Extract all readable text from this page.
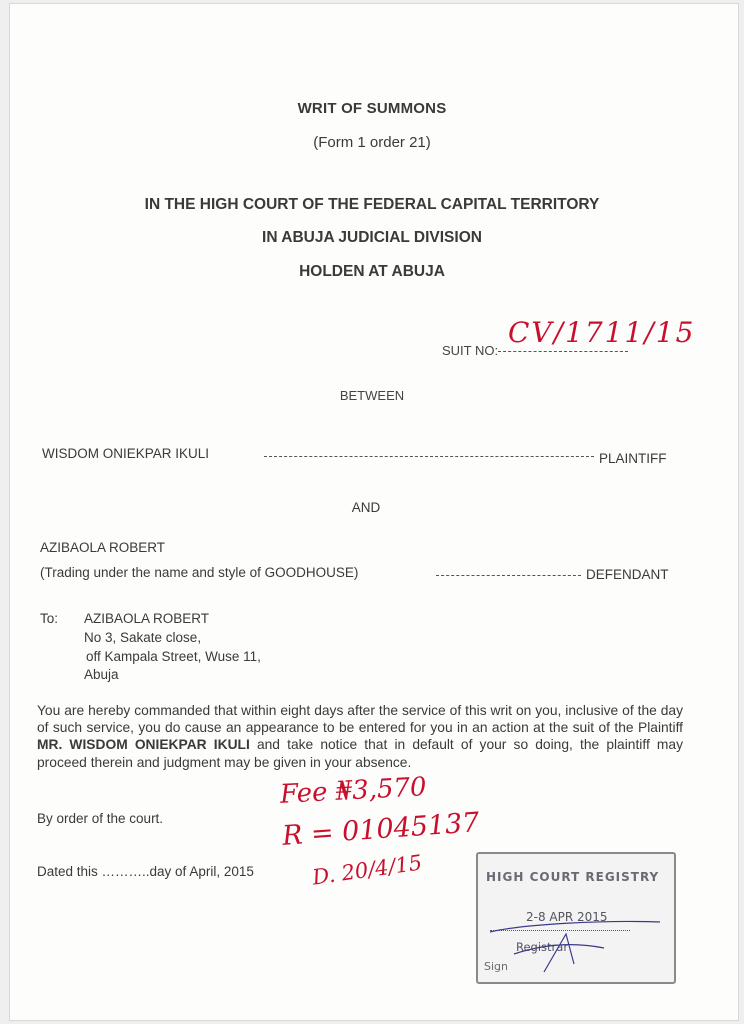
WRIT OF SUMMONS
(Form 1 order 21)
IN THE HIGH COURT OF THE FEDERAL CAPITAL TERRITORY
IN ABUJA JUDICIAL DIVISION
HOLDEN AT ABUJA
SUIT NO:
CV/1711/15
BETWEEN
WISDOM ONIEKPAR IKULI	PLAINTIFF
AND
AZIBAOLA ROBERT
(Trading under the name and style of GOODHOUSE)	DEFENDANT
To: AZIBAOLA ROBERT
No 3, Sakate close,
off Kampala Street, Wuse 11,
Abuja
You are hereby commanded that within eight days after the service of this writ on you, inclusive of the day of such service, you do cause an appearance to be entered for you in an action at the suit of the Plaintiff MR. WISDOM ONIEKPAR IKULI and take notice that in default of your so doing, the plaintiff may proceed therein and judgment may be given in your absence.
By order of the court.
Dated this ………..day of April, 2015
Fee ₦3,570
R = 01045137
D. 20/4/15	HIGH COURT REGISTRY
2-8 APR 2015
Registrar
Sign
